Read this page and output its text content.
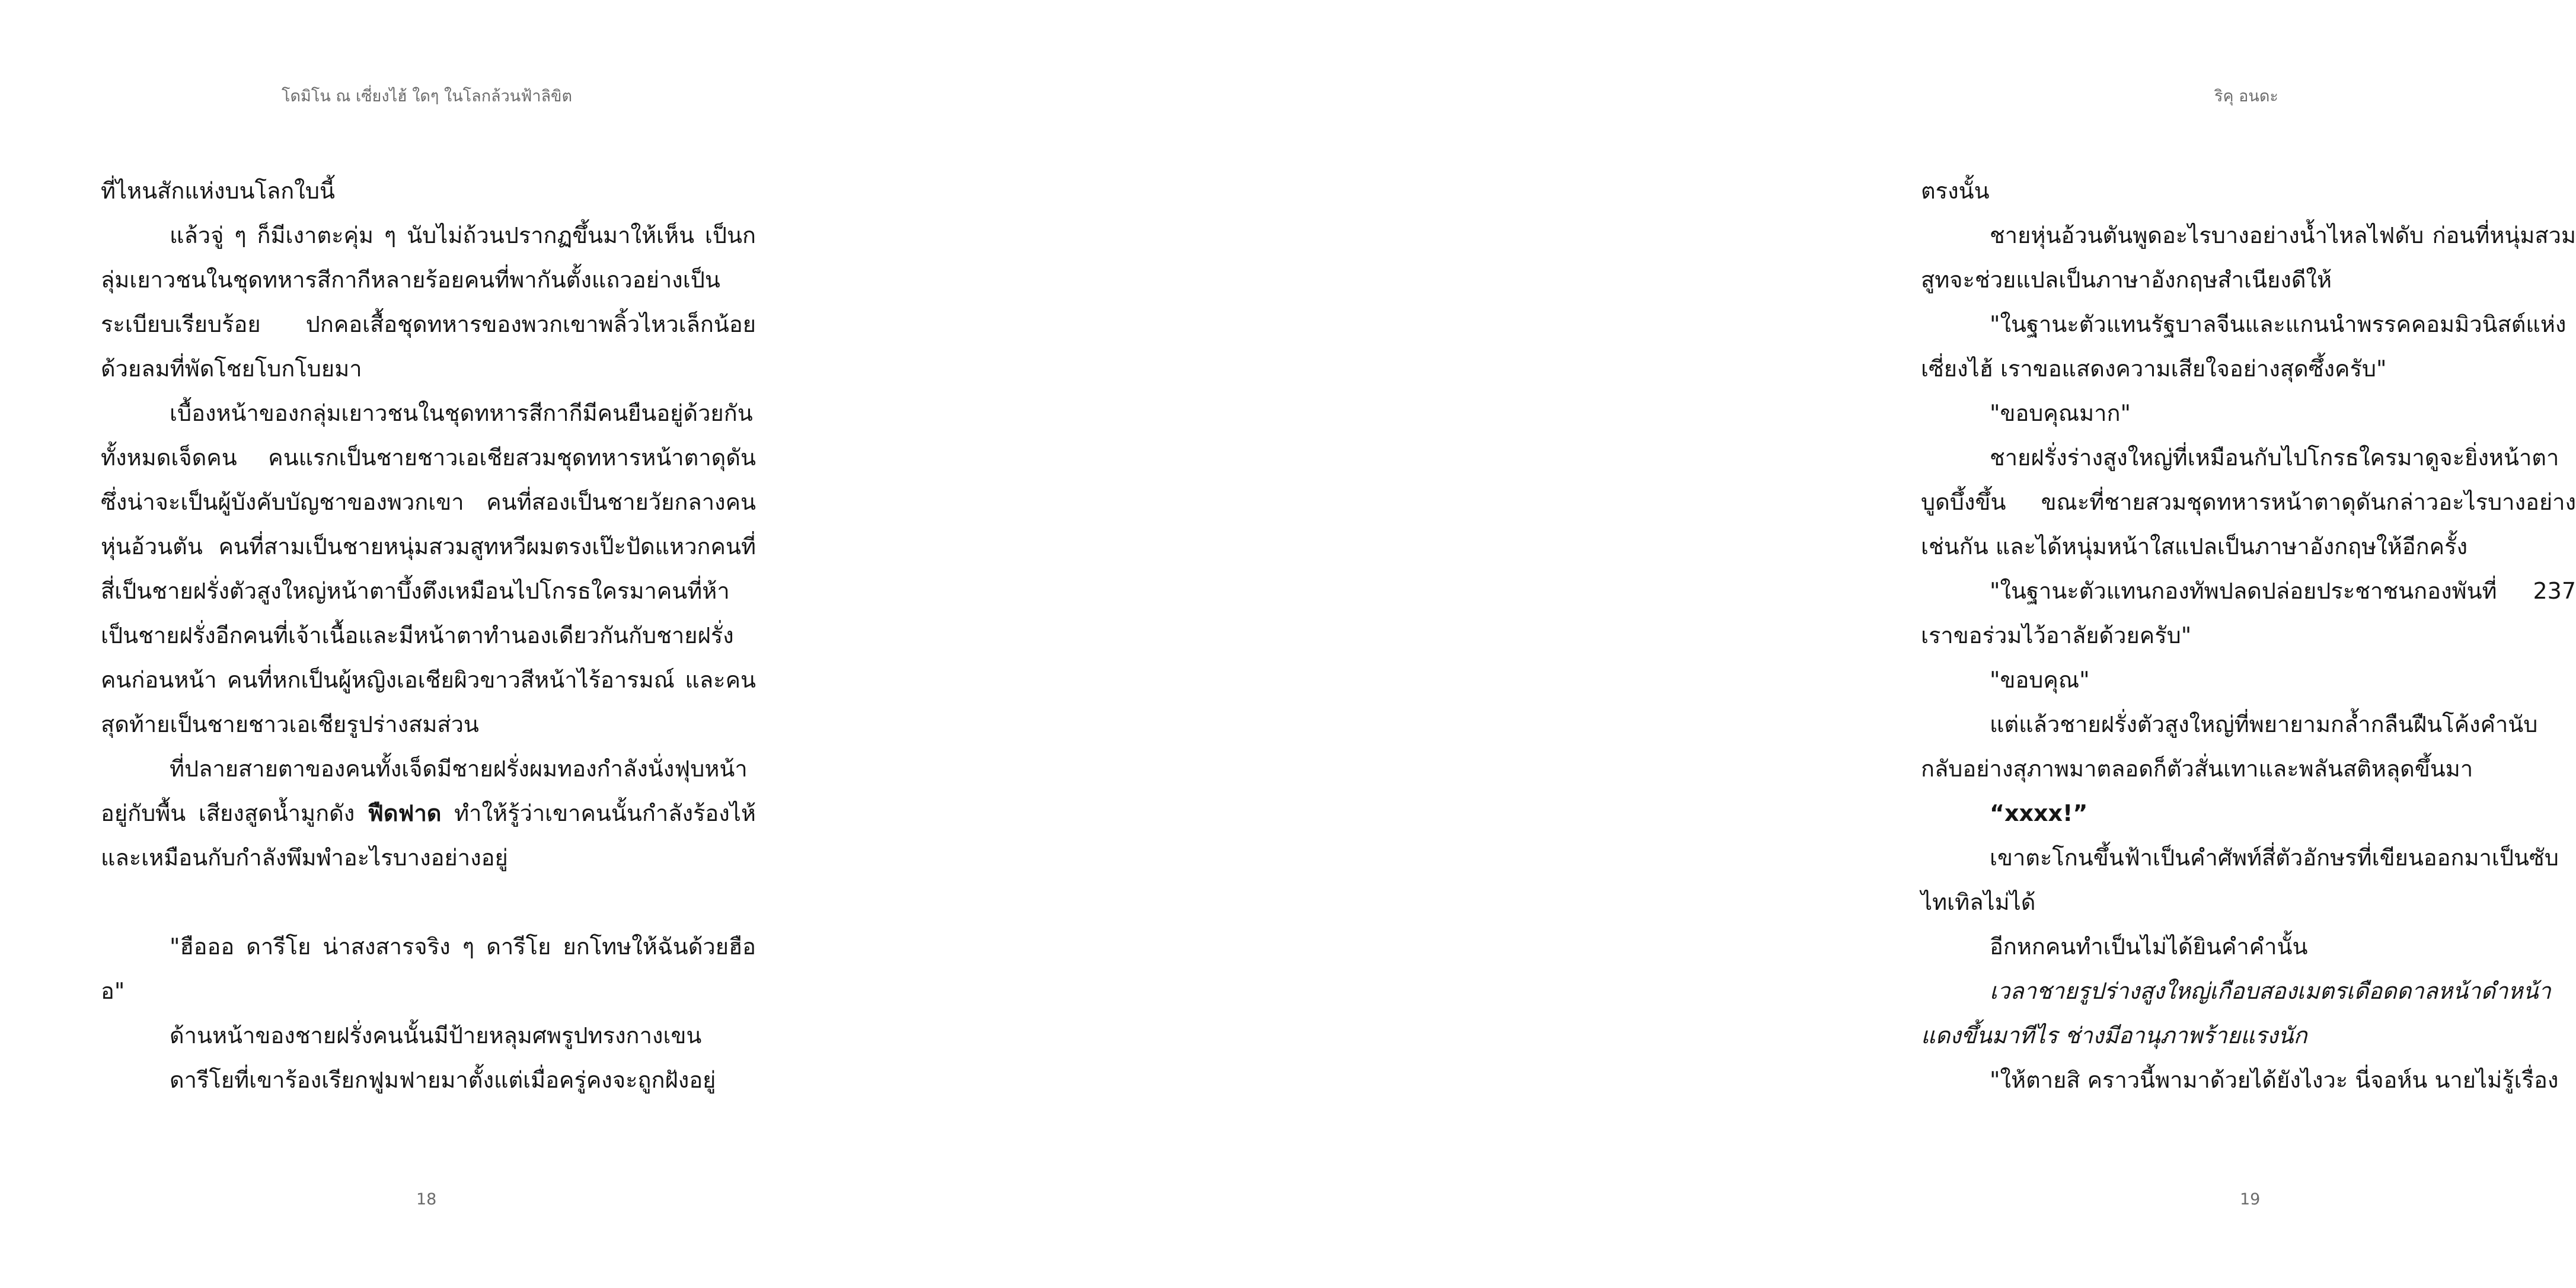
โดมิโน ณ เซี่ยงไฮ้ ใดๆ ในโลกล้วนฟ้าลิขิต

ที่ไหนสักแห่งบนโลกใบนี้

แล้วจู่ ๆ ก็มีเงาตะคุ่ม ๆ นับไม่ถ้วนปรากฏขึ้นมาให้เห็น เป็นกลุ่มเยาวชนในชุดทหารสีกากีหลายร้อยคนที่พากันตั้งแถวอย่างเป็นระเบียบเรียบร้อย ปกคอเสื้อชุดทหารของพวกเขาพลิ้วไหวเล็กน้อยด้วยลมที่พัดโชยโบกโบยมา

เบื้องหน้าของกลุ่มเยาวชนในชุดทหารสีกากีมีคนยืนอยู่ด้วยกันทั้งหมดเจ็ดคน คนแรกเป็นชายชาวเอเชียสวมชุดทหารหน้าตาดุดันซึ่งน่าจะเป็นผู้บังคับบัญชาของพวกเขา คนที่สองเป็นชายวัยกลางคนหุ่นอ้วนตัน คนที่สามเป็นชายหนุ่มสวมสูทหวีผมตรงเป๊ะปัดแหวกคนที่สี่เป็นชายฝรั่งตัวสูงใหญ่หน้าตาบึ้งตึงเหมือนไปโกรธใครมาคนที่ห้าเป็นชายฝรั่งอีกคนที่เจ้าเนื้อและมีหน้าตาทำนองเดียวกันกับชายฝรั่งคนก่อนหน้า คนที่หกเป็นผู้หญิงเอเชียผิวขาวสีหน้าไร้อารมณ์ และคนสุดท้ายเป็นชายชาวเอเชียรูปร่างสมส่วน

ที่ปลายสายตาของคนทั้งเจ็ดมีชายฝรั่งผมทองกำลังนั่งฟุบหน้าอยู่กับพื้น เสียงสูดน้ำมูกดัง ฟืดฟาด ทำให้รู้ว่าเขาคนนั้นกำลังร้องไห้และเหมือนกับกำลังพึมพำอะไรบางอย่างอยู่

"ฮือออ ดารีโย น่าสงสารจริง ๆ ดารีโย ยกโทษให้ฉันด้วยฮืออ"

ด้านหน้าของชายฝรั่งคนนั้นมีป้ายหลุมศพรูปทรงกางเขน

ดารีโยที่เขาร้องเรียกฟูมฟายมาตั้งแต่เมื่อครู่คงจะถูกฝังอยู่

18
ริคุ อนดะ

ตรงนั้น

ชายหุ่นอ้วนตันพูดอะไรบางอย่างน้ำไหลไฟดับ ก่อนที่หนุ่มสวมสูทจะช่วยแปลเป็นภาษาอังกฤษสำเนียงดีให้

"ในฐานะตัวแทนรัฐบาลจีนและแกนนำพรรคคอมมิวนิสต์แห่งเซี่ยงไฮ้ เราขอแสดงความเสียใจอย่างสุดซึ้งครับ"

"ขอบคุณมาก"

ชายฝรั่งร่างสูงใหญ่ที่เหมือนกับไปโกรธใครมาดูจะยิ่งหน้าตาบูดบึ้งขึ้น ขณะที่ชายสวมชุดทหารหน้าตาดุดันกล่าวอะไรบางอย่างเช่นกัน และได้หนุ่มหน้าใสแปลเป็นภาษาอังกฤษให้อีกครั้ง

"ในฐานะตัวแทนกองทัพปลดปล่อยประชาชนกองพันที่ 237 เราขอร่วมไว้อาลัยด้วยครับ"

"ขอบคุณ"

แต่แล้วชายฝรั่งตัวสูงใหญ่ที่พยายามกล้ำกลืนฝืนโค้งคำนับกลับอย่างสุภาพมาตลอดก็ตัวสั่นเทาและพลันสติหลุดขึ้นมา

“xxxx!”

เขาตะโกนขึ้นฟ้าเป็นคำศัพท์สี่ตัวอักษรที่เขียนออกมาเป็นซับไทเทิลไม่ได้

อีกหกคนทำเป็นไม่ได้ยินคำคำนั้น

เวลาชายรูปร่างสูงใหญ่เกือบสองเมตรเดือดดาลหน้าดำหน้าแดงขึ้นมาทีไร ช่างมีอานุภาพร้ายแรงนัก

"ให้ตายสิ คราวนี้พามาด้วยได้ยังไงวะ นี่จอห์น นายไม่รู้เรื่อง

19
